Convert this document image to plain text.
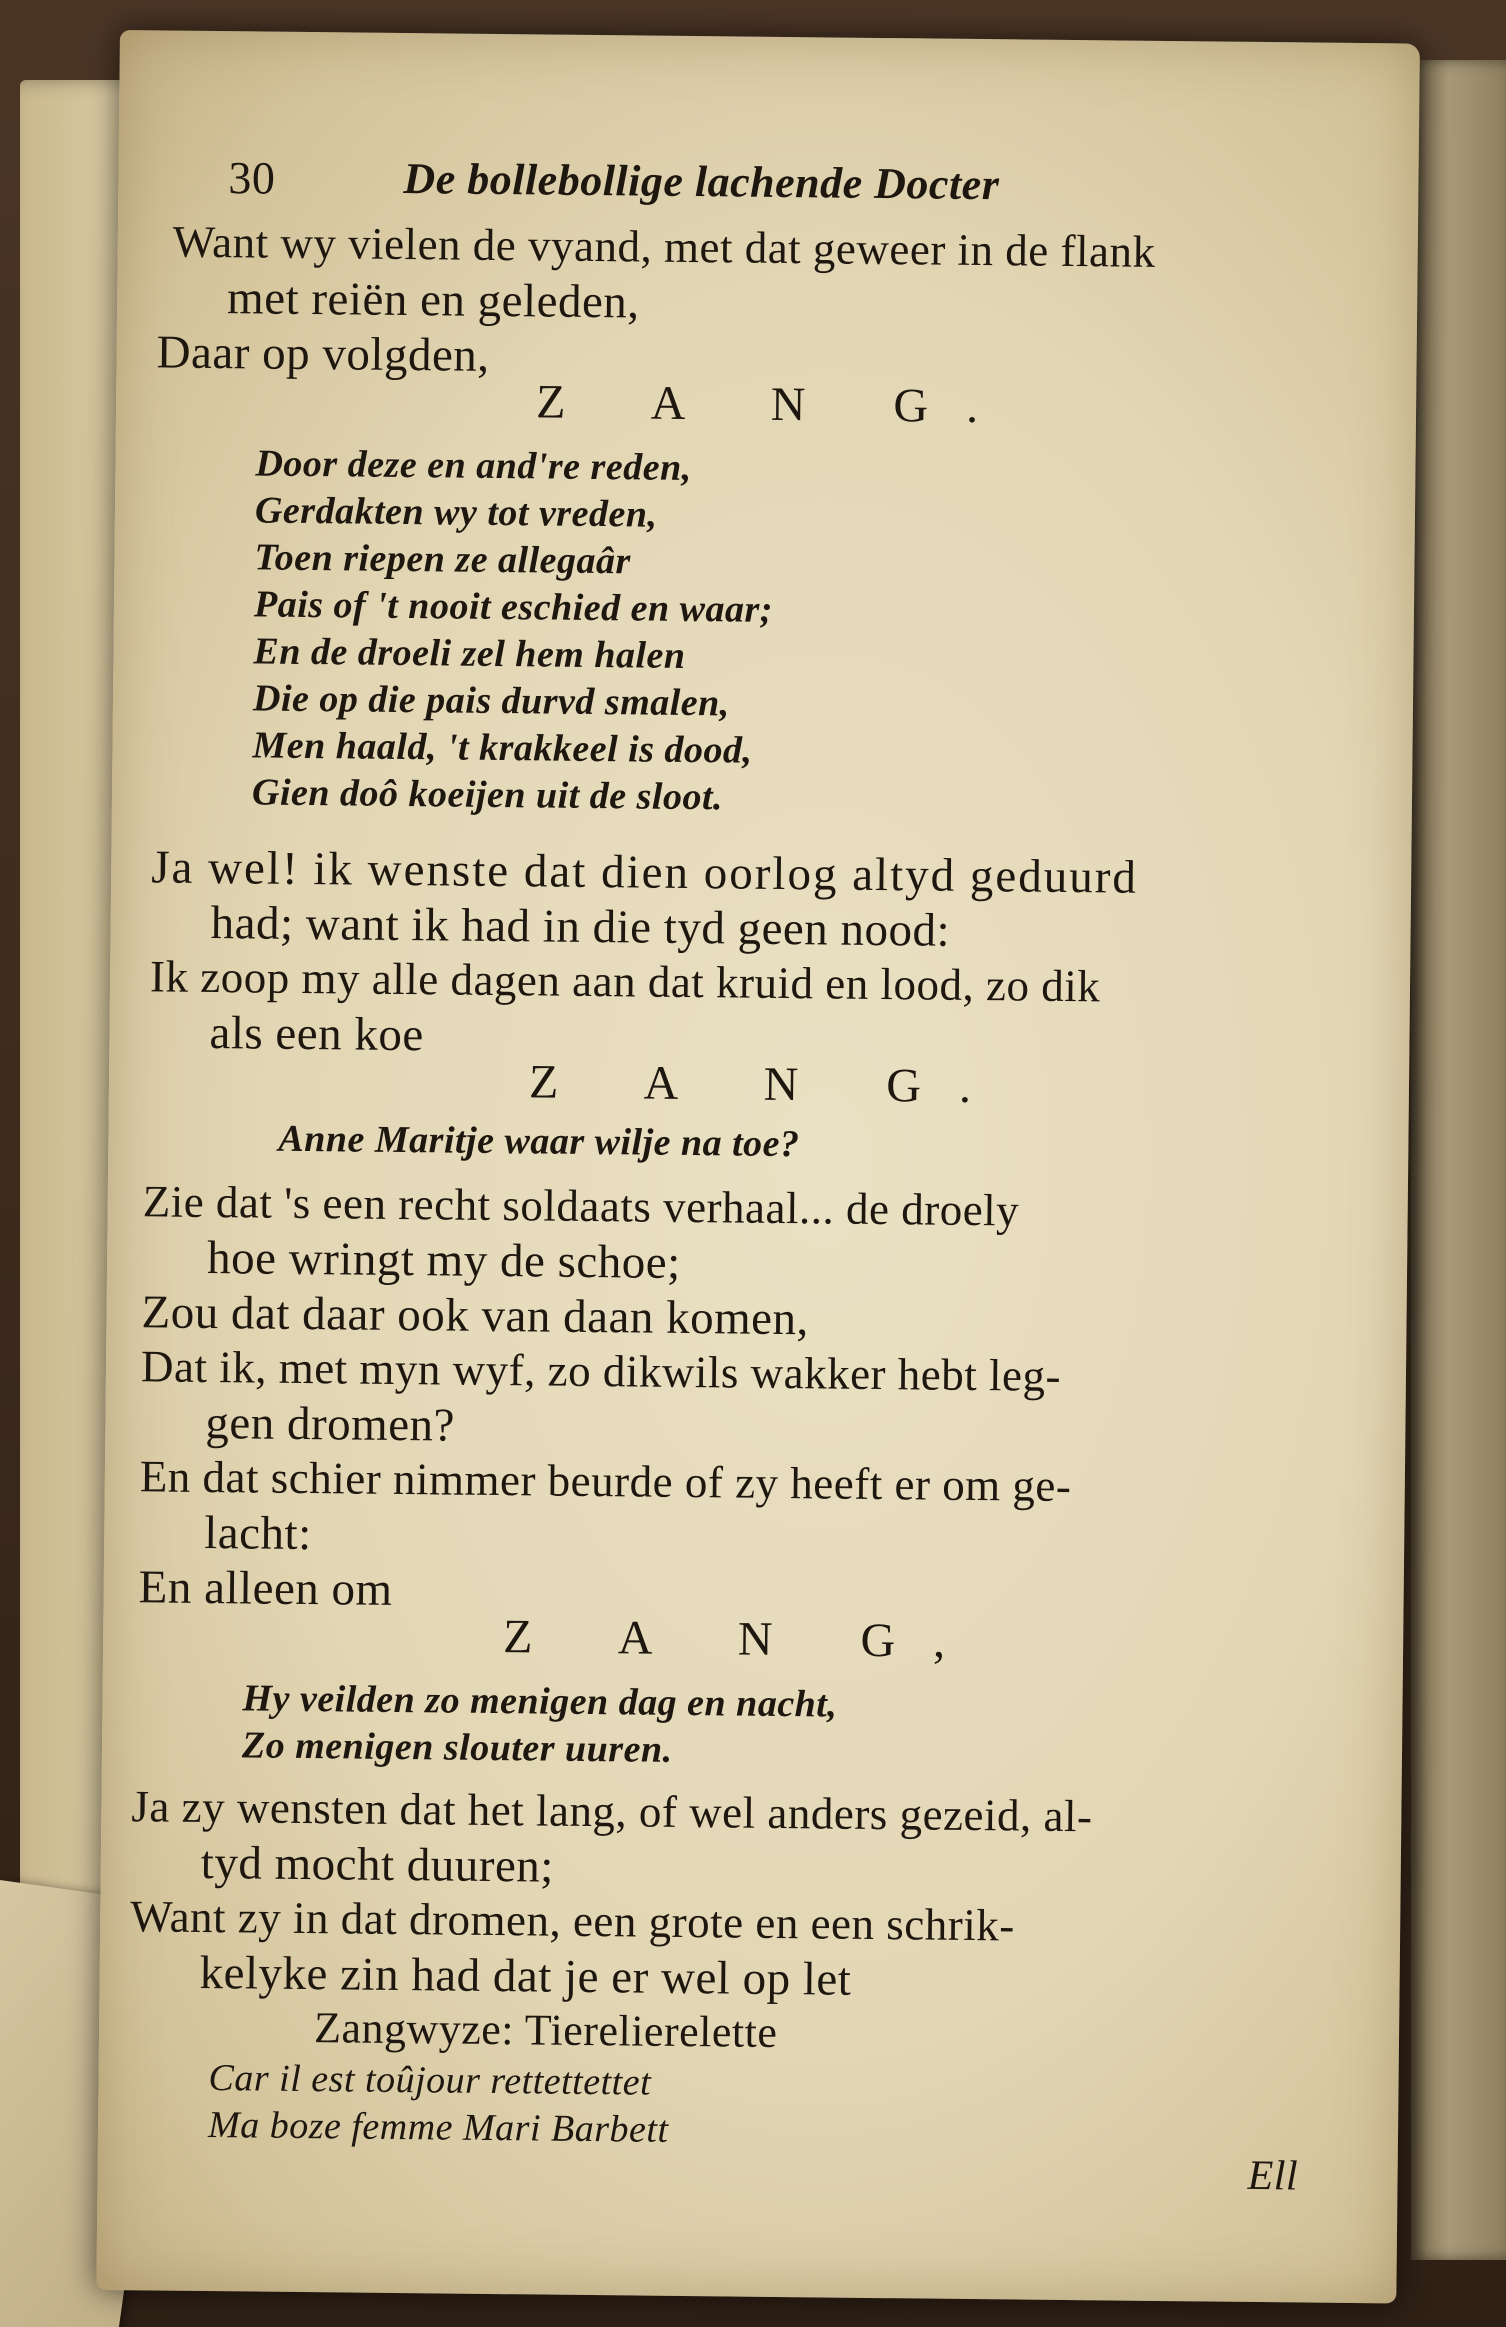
30	De bollebollige lachende Docter
Want wy vielen de vyand, met dat geweer in de flank
met reiën en geleden,
Daar op volgden,
Z A N G.
Door deze en and're reden,
Gerdakten wy tot vreden,
Toen riepen ze allegaâr
Pais of 't nooit eschied en waar;
En de droeli zel hem halen
Die op die pais durvd smalen,
Men haald, 't krakkeel is dood,
Gien doô koeijen uit de sloot.
Ja wel! ik wenste dat dien oorlog altyd geduurd
had; want ik had in die tyd geen nood:
Ik zoop my alle dagen aan dat kruid en lood, zo dik
als een koe
Z A N G.
Anne Maritje waar wilje na toe?
Zie dat 's een recht soldaats verhaal... de droely
hoe wringt my de schoe;
Zou dat daar ook van daan komen,
Dat ik, met myn wyf, zo dikwils wakker hebt leg-
gen dromen?
En dat schier nimmer beurde of zy heeft er om ge-
lacht:
En alleen om
Z A N G,
Hy veilden zo menigen dag en nacht,
Zo menigen slouter uuren.
Ja zy wensten dat het lang, of wel anders gezeid, al-
tyd mocht duuren;
Want zy in dat dromen, een grote en een schrik-
kelyke zin had dat je er wel op let
Zangwyze: Tierelierelette
Car il est toûjour rettettettet
Ma boze femme Mari Barbett
Ell
